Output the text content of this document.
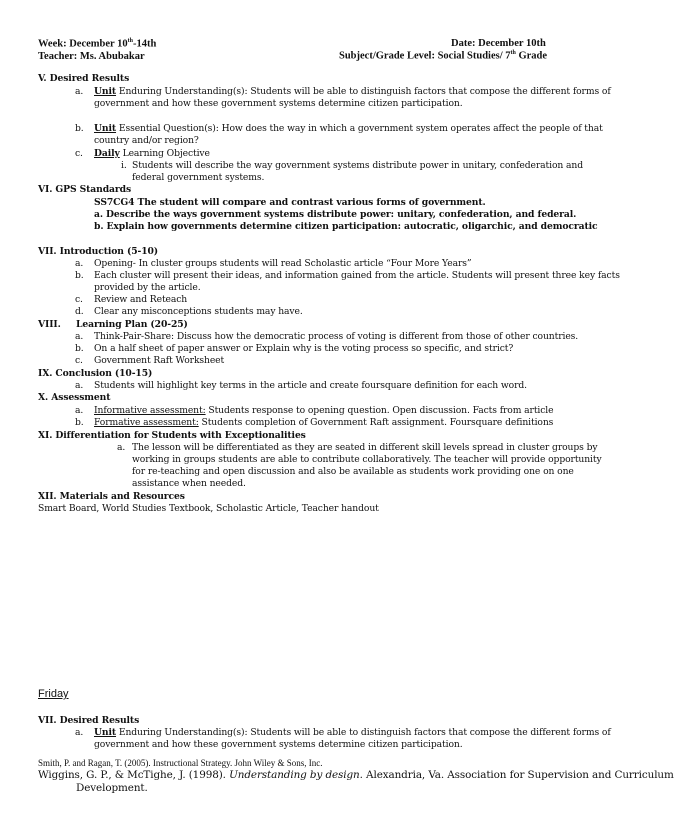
Week: December 10th-14th	Date: December 10th
Teacher: Ms. Abubakar	Subject/Grade Level: Social Studies/ 7th Grade
V. Desired Results
a. Unit Enduring Understanding(s): Students will be able to distinguish factors that compose the different forms of
government and how these government systems determine citizen participation.
b. Unit Essential Question(s): How does the way in which a government system operates affect the people of that
country and/or region?
c. Daily Learning Objective
i. Students will describe the way government systems distribute power in unitary, confederation and
federal government systems.
VI. GPS Standards
SS7CG4 The student will compare and contrast various forms of government.
a. Describe the ways government systems distribute power: unitary, confederation, and federal.
b. Explain how governments determine citizen participation: autocratic, oligarchic, and democratic
VII. Introduction (5-10)
a. Opening- In cluster groups students will read Scholastic article “Four More Years”
b. Each cluster will present their ideas, and information gained from the article. Students will present three key facts
provided by the article.
c. Review and Reteach
d. Clear any misconceptions students may have.
VIII. Learning Plan (20-25)
a. Think-Pair-Share: Discuss how the democratic process of voting is different from those of other countries.
b. On a half sheet of paper answer or Explain why is the voting process so specific, and strict?
c. Government Raft Worksheet
IX. Conclusion (10-15)
a. Students will highlight key terms in the article and create foursquare definition for each word.
X. Assessment
a. Informative assessment: Students response to opening question. Open discussion. Facts from article
b. Formative assessment: Students completion of Government Raft assignment. Foursquare definitions
XI. Differentiation for Students with Exceptionalities
a. The lesson will be differentiated as they are seated in different skill levels spread in cluster groups by
working in groups students are able to contribute collaboratively. The teacher will provide opportunity
for re-teaching and open discussion and also be available as students work providing one on one
assistance when needed.
XII. Materials and Resources
Smart Board, World Studies Textbook, Scholastic Article, Teacher handout
Friday
VII. Desired Results
a. Unit Enduring Understanding(s): Students will be able to distinguish factors that compose the different forms of
government and how these government systems determine citizen participation.
Smith, P. and Ragan, T. (2005). Instructional Strategy. John Wiley & Sons, Inc.
Wiggins, G. P., & McTighe, J. (1998). Understanding by design. Alexandria, Va. Association for Supervision and Curriculum
Development.
